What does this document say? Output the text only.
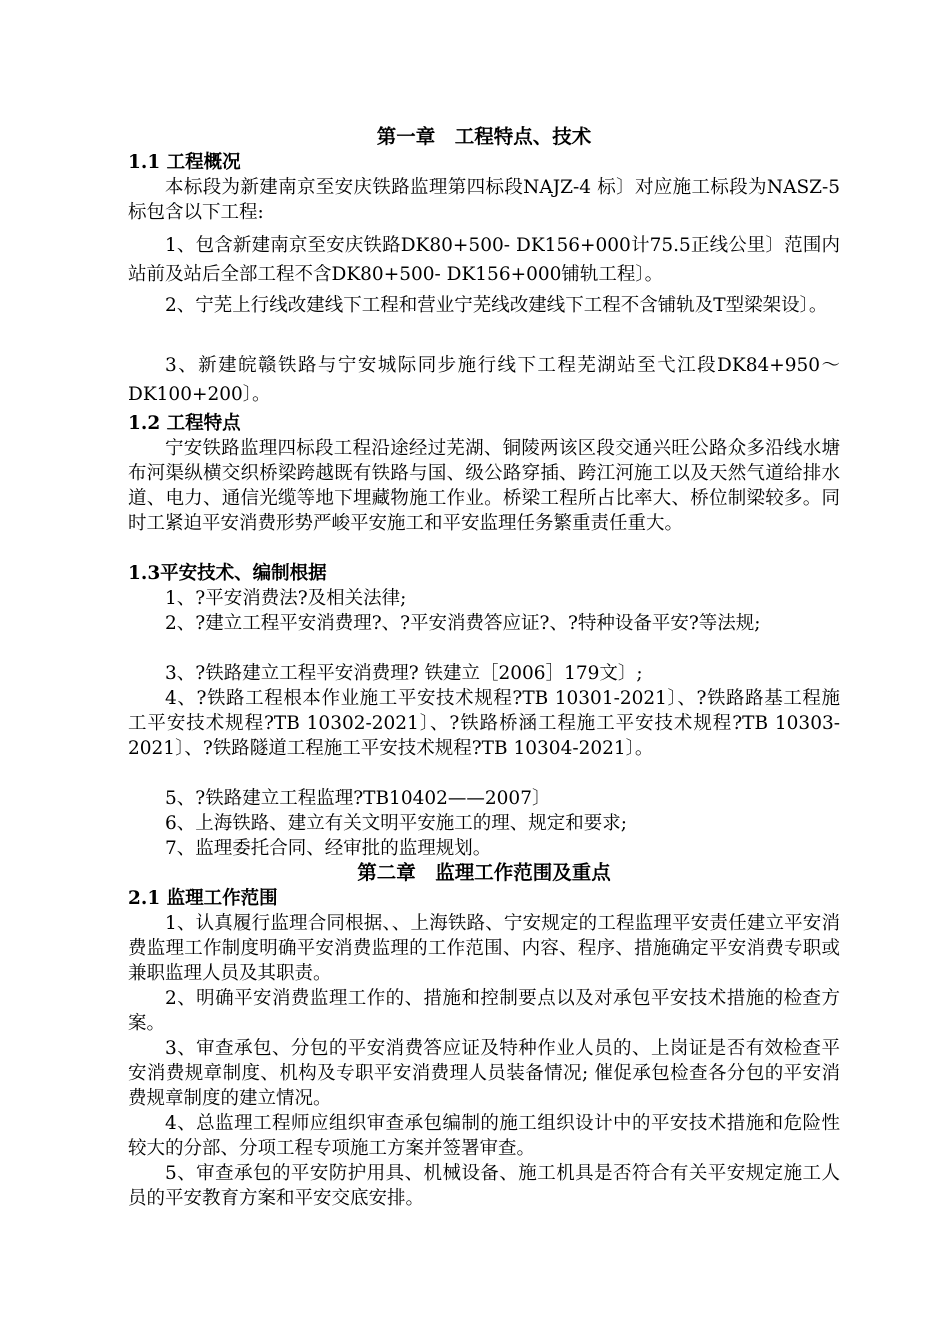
第一章　工程特点、技术
1.1 工程概况
本标段为新建南京至安庆铁路监理第四标段NAJZ-4 标〕对应施工标段为NASZ-5标包含以下工程:
1、包含新建南京至安庆铁路DK80+500- DK156+000计75.5正线公里〕范围内站前及站后全部工程不含DK80+500- DK156+000铺轨工程〕。
2、宁芜上行线改建线下工程和营业宁芜线改建线下工程不含铺轨及T型梁架设〕。
3、新建皖赣铁路与宁安城际同步施行线下工程芜湖站至弋江段DK84+950～DK100+200〕。
1.2 工程特点
宁安铁路监理四标段工程沿途经过芜湖、铜陵两该区段交通兴旺公路众多沿线水塘布河渠纵横交织桥梁跨越既有铁路与国、级公路穿插、跨江河施工以及天然气道给排水道、电力、通信光缆等地下埋藏物施工作业。桥梁工程所占比率大、桥位制梁较多。同时工紧迫平安消费形势严峻平安施工和平安监理任务繁重责任重大。
1.3平安技术、编制根据
1、?平安消费法?及相关法律;
2、?建立工程平安消费理?、?平安消费答应证?、?特种设备平安?等法规;
3、?铁路建立工程平安消费理? 铁建立［2006］179文〕;
4、?铁路工程根本作业施工平安技术规程?TB 10301-2021〕、?铁路路基工程施工平安技术规程?TB 10302-2021〕、?铁路桥涵工程施工平安技术规程?TB 10303-2021〕、?铁路隧道工程施工平安技术规程?TB 10304-2021〕。
5、?铁路建立工程监理?TB10402——2007〕
6、上海铁路、建立有关文明平安施工的理、规定和要求;
7、监理委托合同、经审批的监理规划。
第二章　监理工作范围及重点
2.1 监理工作范围
1、认真履行监理合同根据、、上海铁路、宁安规定的工程监理平安责任建立平安消费监理工作制度明确平安消费监理的工作范围、内容、程序、措施确定平安消费专职或兼职监理人员及其职责。
2、明确平安消费监理工作的、措施和控制要点以及对承包平安技术措施的检查方案。
3、审查承包、分包的平安消费答应证及特种作业人员的、上岗证是否有效检查平安消费规章制度、机构及专职平安消费理人员装备情况; 催促承包检查各分包的平安消费规章制度的建立情况。
4、总监理工程师应组织审查承包编制的施工组织设计中的平安技术措施和危险性较大的分部、分项工程专项施工方案并签署审查。
5、审查承包的平安防护用具、机械设备、施工机具是否符合有关平安规定施工人员的平安教育方案和平安交底安排。
